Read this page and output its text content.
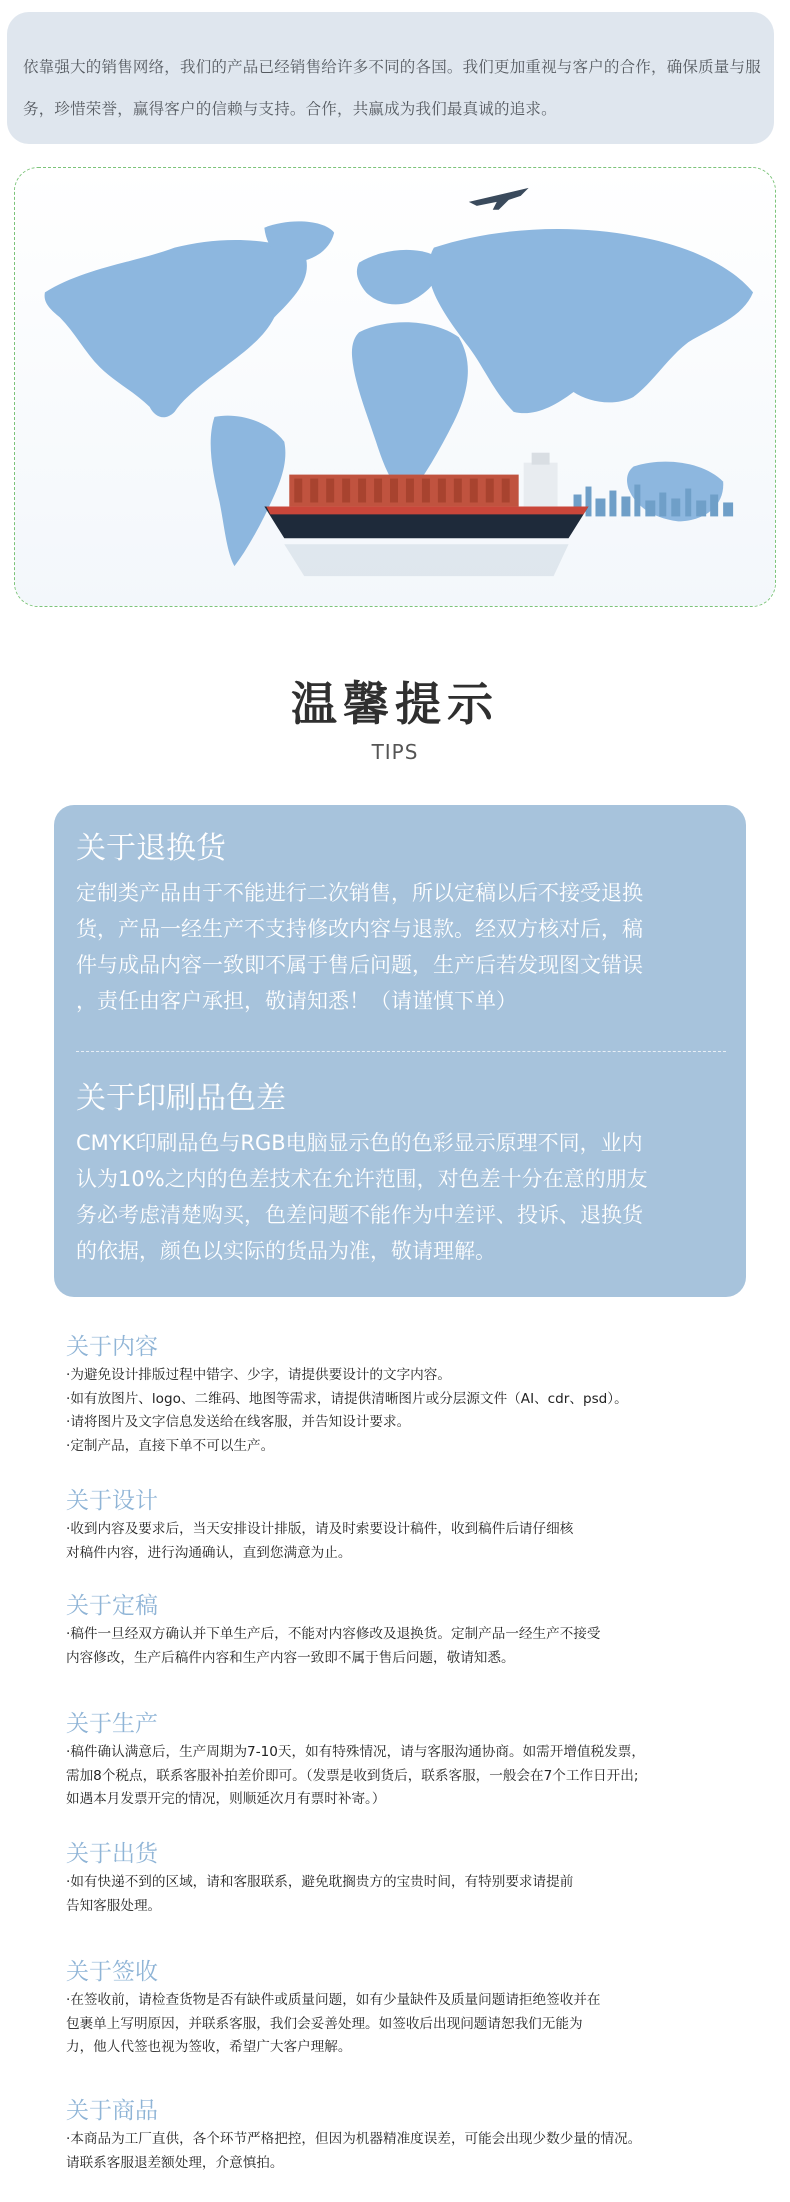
依靠强大的销售网络，我们的产品已经销售给许多不同的各国。我们更加重视与客户的合作，确保质量与服务，珍惜荣誉，赢得客户的信赖与支持。合作，共赢成为我们最真诚的追求。

温馨提示
TIPS
关于退换货

定制类产品由于不能进行二次销售，所以定稿以后不接受退换
货，产品一经生产不支持修改内容与退款。经双方核对后，稿
件与成品内容一致即不属于售后问题，生产后若发现图文错误
，责任由客户承担，敬请知悉！（请谨慎下单）

关于印刷品色差

CMYK印刷品色与RGB电脑显示色的色彩显示原理不同，业内
认为10%之内的色差技术在允许范围，对色差十分在意的朋友
务必考虑清楚购买，色差问题不能作为中差评、投诉、退换货
的依据，颜色以实际的货品为准，敬请理解。

关于内容
·为避免设计排版过程中错字、少字，请提供要设计的文字内容。
·如有放图片、logo、二维码、地图等需求，请提供清晰图片或分层源文件（AI、cdr、psd）。
·请将图片及文字信息发送给在线客服，并告知设计要求。
·定制产品，直接下单不可以生产。
关于设计
·收到内容及要求后，当天安排设计排版，请及时索要设计稿件，收到稿件后请仔细核
对稿件内容，进行沟通确认，直到您满意为止。
关于定稿
·稿件一旦经双方确认并下单生产后，不能对内容修改及退换货。定制产品一经生产不接受
内容修改，生产后稿件内容和生产内容一致即不属于售后问题，敬请知悉。
关于生产
·稿件确认满意后，生产周期为7-10天，如有特殊情况，请与客服沟通协商。如需开增值税发票，
需加8个税点，联系客服补拍差价即可。（发票是收到货后，联系客服，一般会在7个工作日开出;
如遇本月发票开完的情况，则顺延次月有票时补寄。）
关于出货
·如有快递不到的区域，请和客服联系，避免耽搁贵方的宝贵时间，有特别要求请提前
告知客服处理。
关于签收
·在签收前，请检查货物是否有缺件或质量问题，如有少量缺件及质量问题请拒绝签收并在
包裹单上写明原因，并联系客服，我们会妥善处理。如签收后出现问题请恕我们无能为
力，他人代签也视为签收，希望广大客户理解。
关于商品
·本商品为工厂直供，各个环节严格把控，但因为机器精准度误差，可能会出现少数少量的情况。
请联系客服退差额处理，介意慎拍。
